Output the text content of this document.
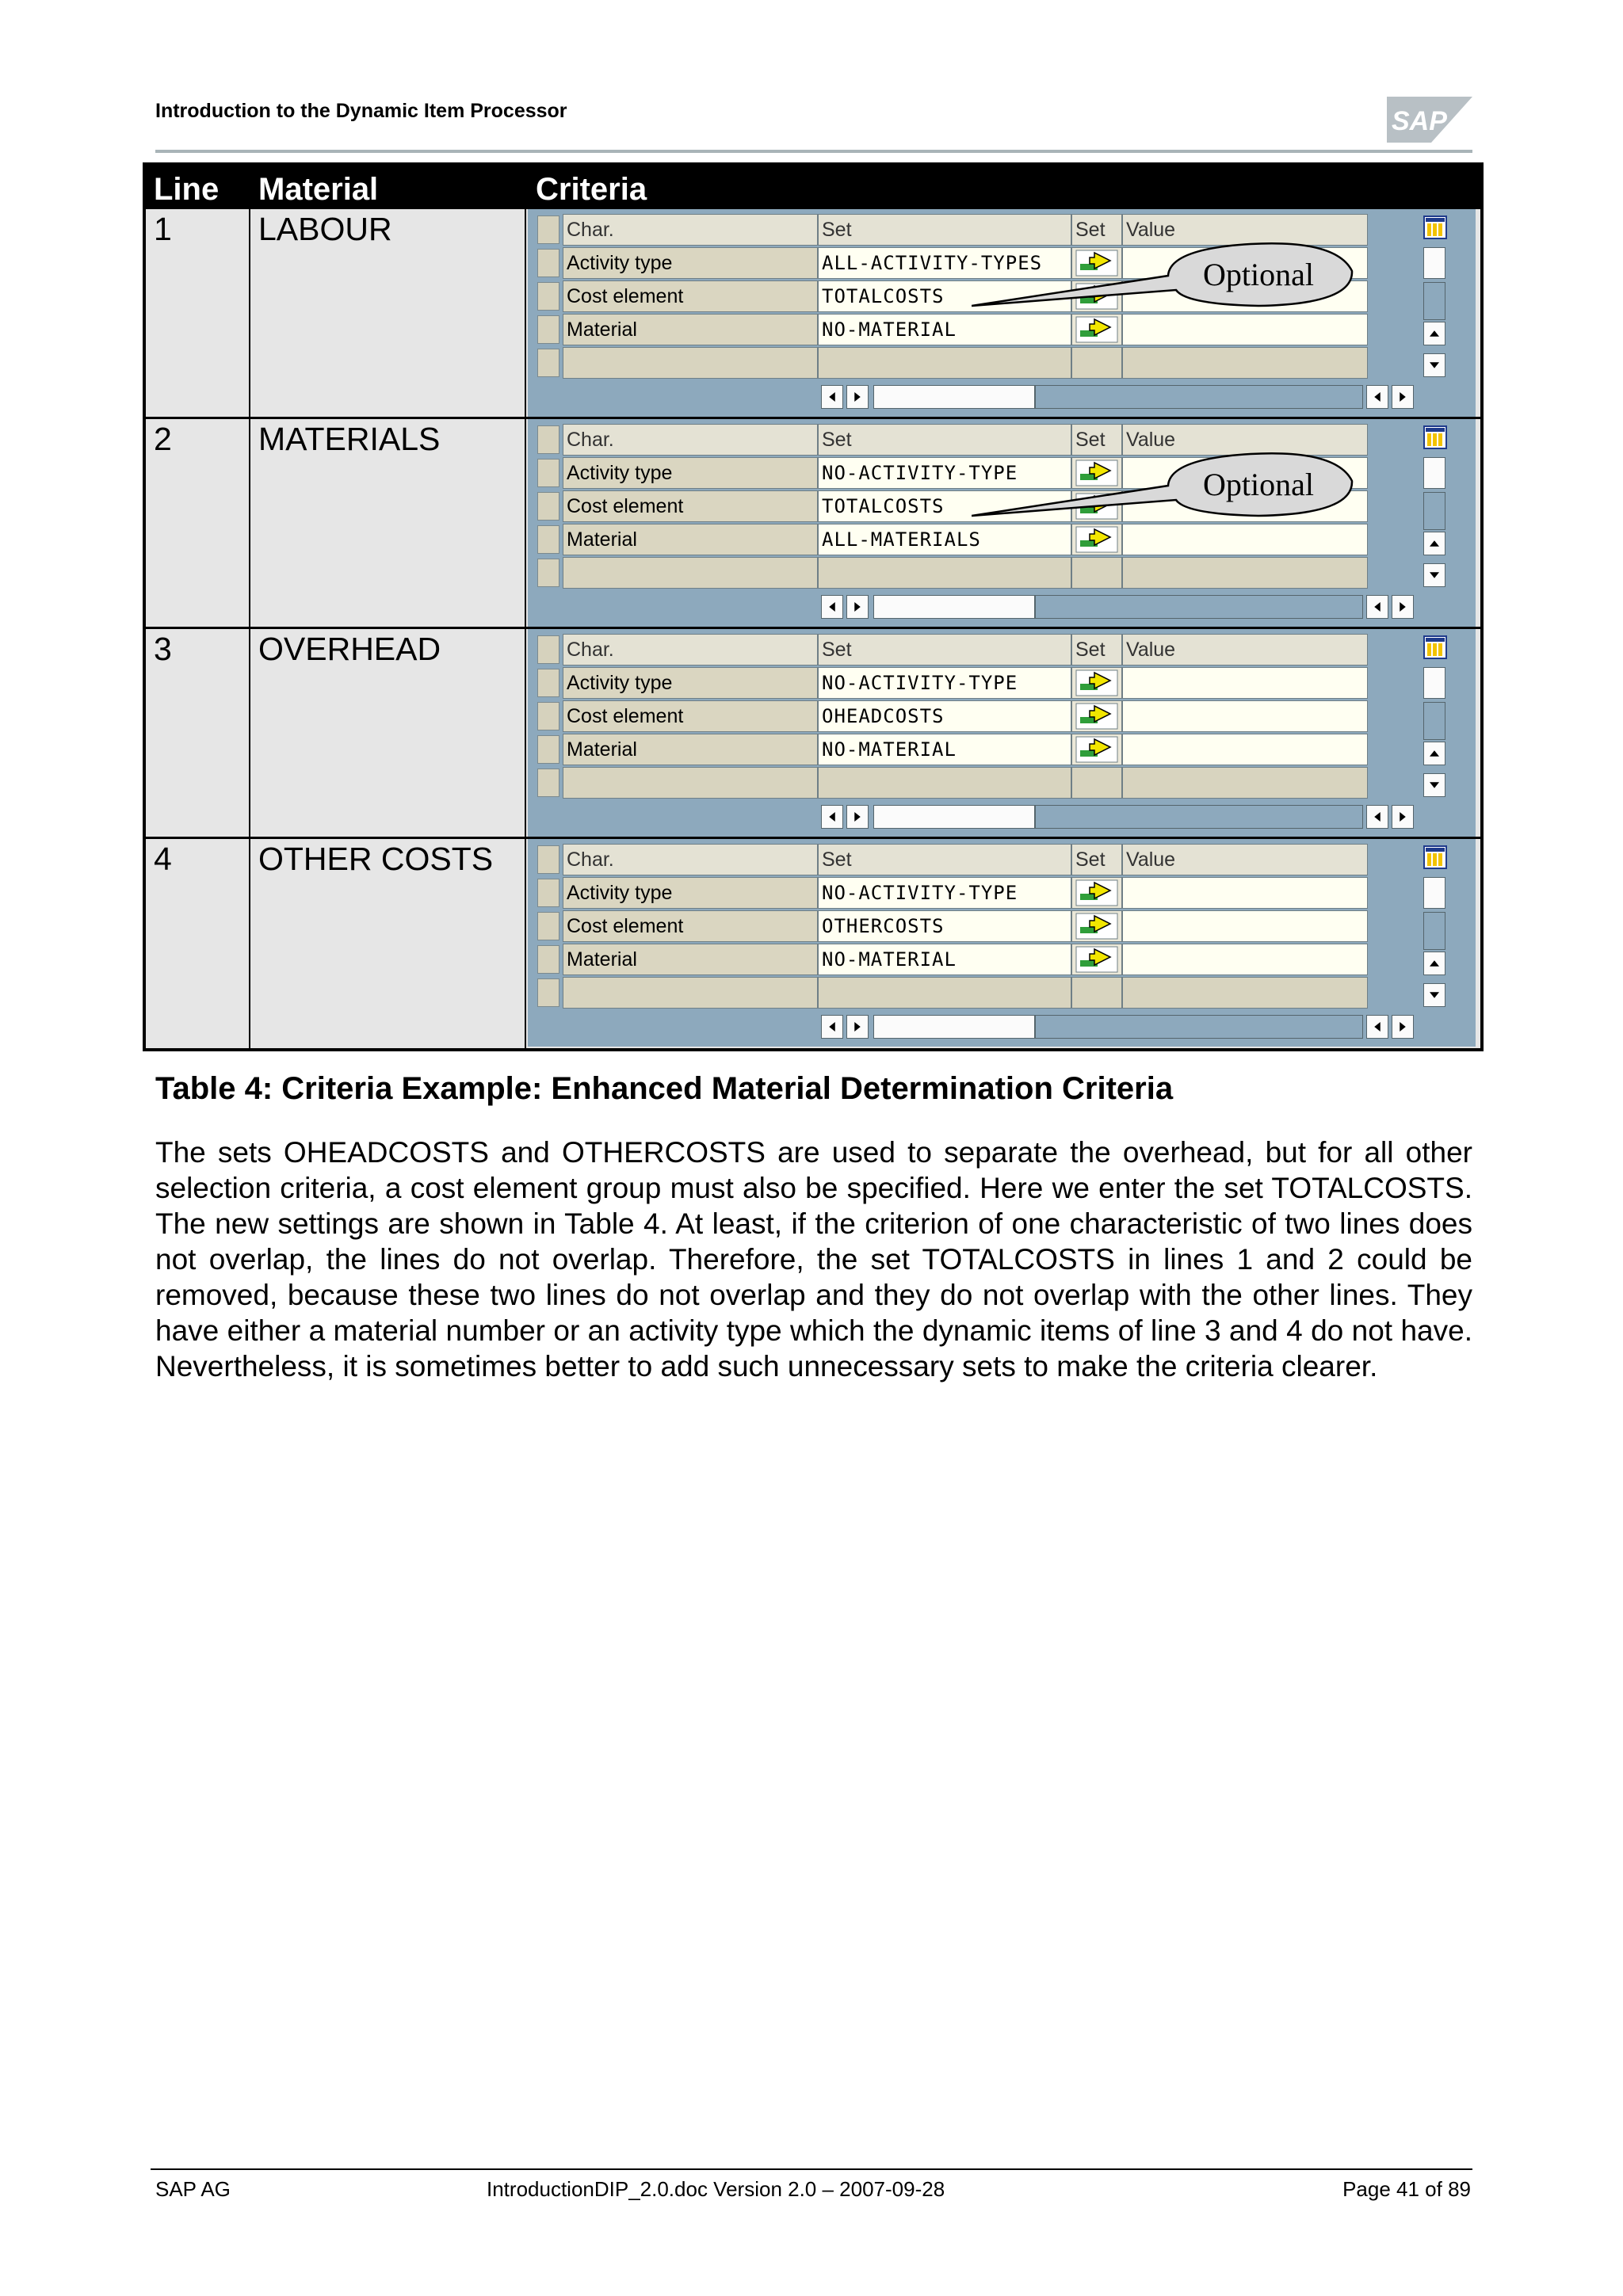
Introduction to the Dynamic Item Processor	SAP
Line Material	Criteria
1	LABOUR	Char.	Set	Set	Value
Activity type	ALL-ACTIVITY-TYPES
Cost element	TOTALCOSTS
Material	NO-MATERIAL
Optional
2	MATERIALS	Char.	Set	Set	Value
Activity type	NO-ACTIVITY-TYPE
Cost element	TOTALCOSTS
Material	ALL-MATERIALS
Optional
3	OVERHEAD	Char.	Set	Set	Value
Activity type	NO-ACTIVITY-TYPE
Cost element	OHEADCOSTS
Material	NO-MATERIAL
4	OTHER COSTS	Char.	Set	Set	Value
Activity type	NO-ACTIVITY-TYPE
Cost element	OTHERCOSTS
Material	NO-MATERIAL
Table 4: Criteria Example: Enhanced Material Determination Criteria
The sets OHEADCOSTS and OTHERCOSTS are used to separate the overhead, but for all other selection criteria, a cost element group must also be specified. Here we enter the set TOTALCOSTS. The new settings are shown in Table 4. At least, if the criterion of one characteristic of two lines does not overlap, the lines do not overlap. Therefore, the set TOTALCOSTS in lines 1 and 2 could be removed, because these two lines do not overlap and they do not overlap with the other lines. They have either a material number or an activity type which the dynamic items of line 3 and 4 do not have. Nevertheless, it is sometimes better to add such unnecessary sets to make the criteria clearer.
SAP AG	IntroductionDIP_2.0.doc Version 2.0 – 2007-09-28	Page 41 of 89
